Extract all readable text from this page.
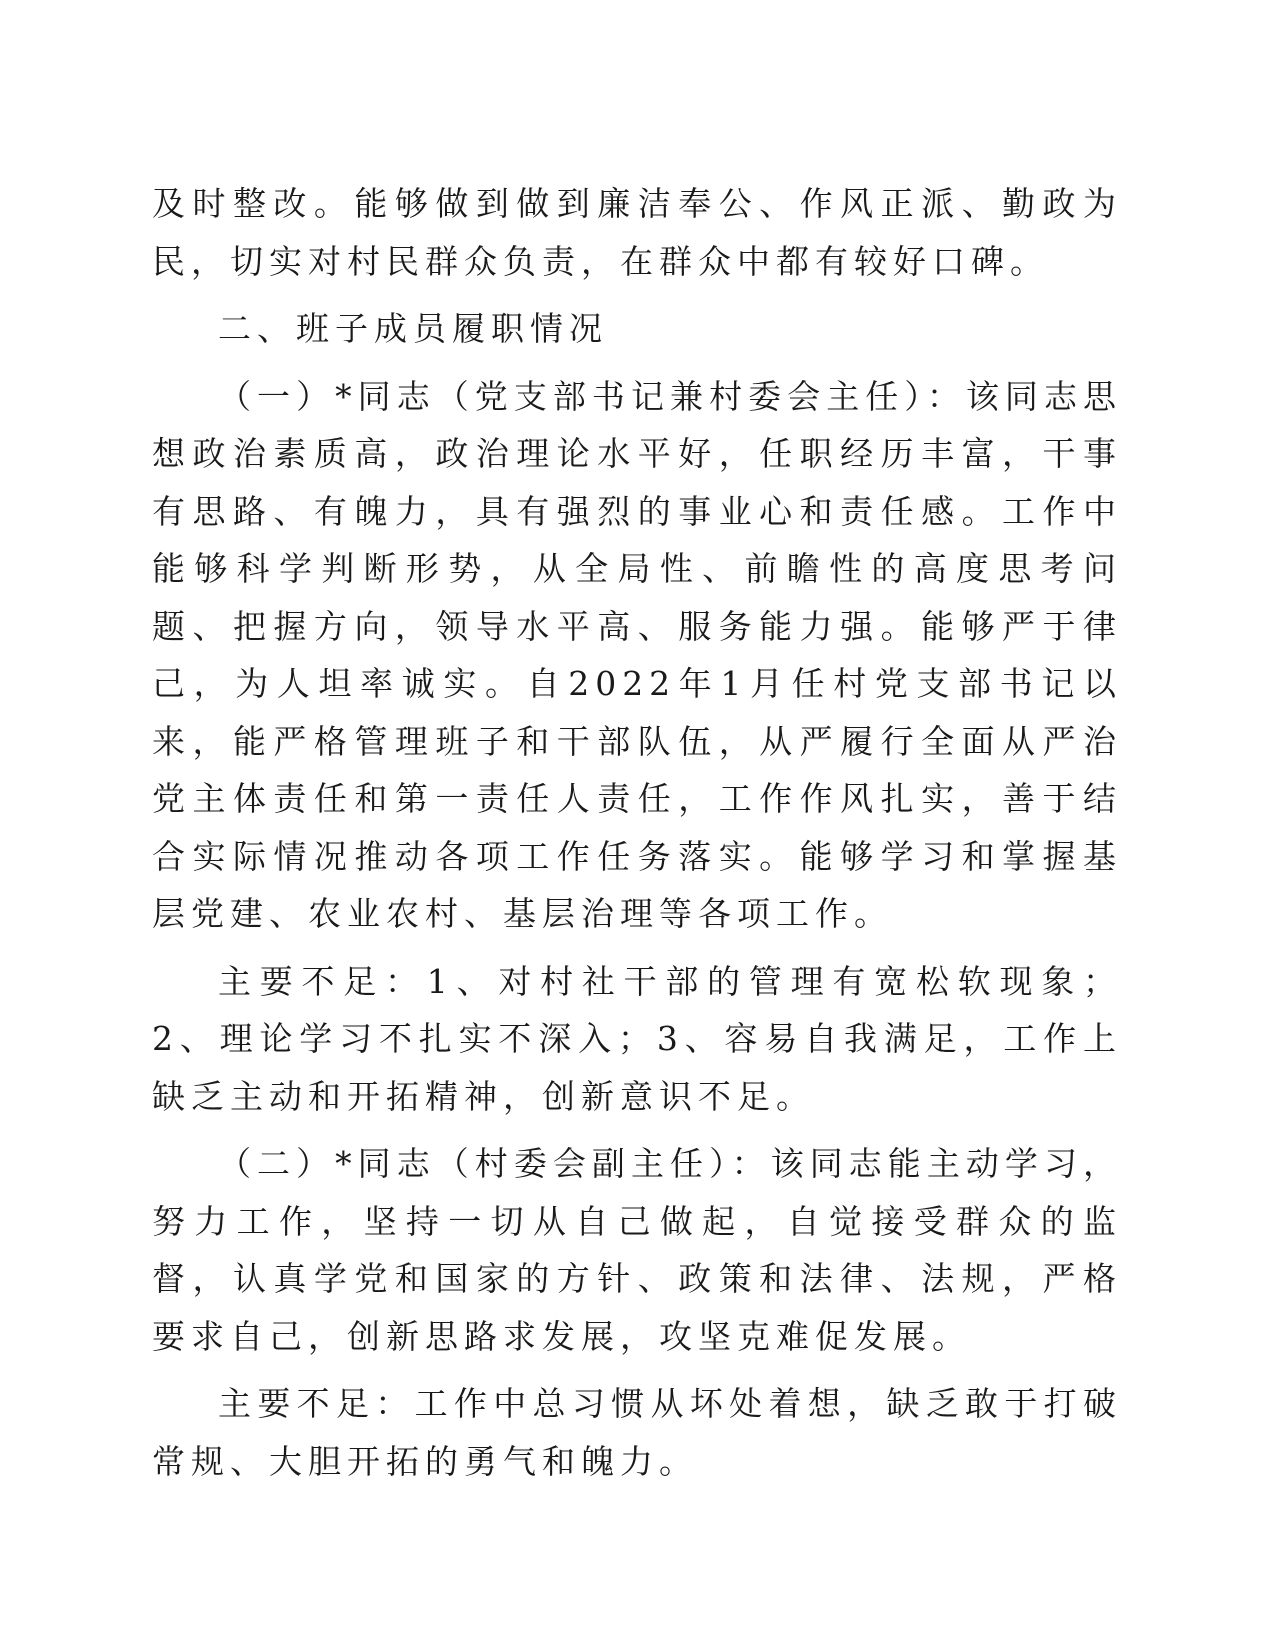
及时整改。能够做到做到廉洁奉公、作风正派、勤政为民，切实对村民群众负责，在群众中都有较好口碑。

二、班子成员履职情况

（一）*同志（党支部书记兼村委会主任）：该同志思想政治素质高，政治理论水平好，任职经历丰富，干事有思路、有魄力，具有强烈的事业心和责任感。工作中能够科学判断形势，从全局性、前瞻性的高度思考问题、把握方向，领导水平高、服务能力强。能够严于律己，为人坦率诚实。自2022年1月任村党支部书记以来，能严格管理班子和干部队伍，从严履行全面从严治党主体责任和第一责任人责任，工作作风扎实，善于结合实际情况推动各项工作任务落实。能够学习和掌握基层党建、农业农村、基层治理等各项工作。

主要不足：1、对村社干部的管理有宽松软现象；2、理论学习不扎实不深入；3、容易自我满足，工作上缺乏主动和开拓精神，创新意识不足。

（二）*同志（村委会副主任）：该同志能主动学习，努力工作，坚持一切从自己做起，自觉接受群众的监督，认真学党和国家的方针、政策和法律、法规，严格要求自己，创新思路求发展，攻坚克难促发展。

主要不足：工作中总习惯从坏处着想，缺乏敢于打破常规、大胆开拓的勇气和魄力。
